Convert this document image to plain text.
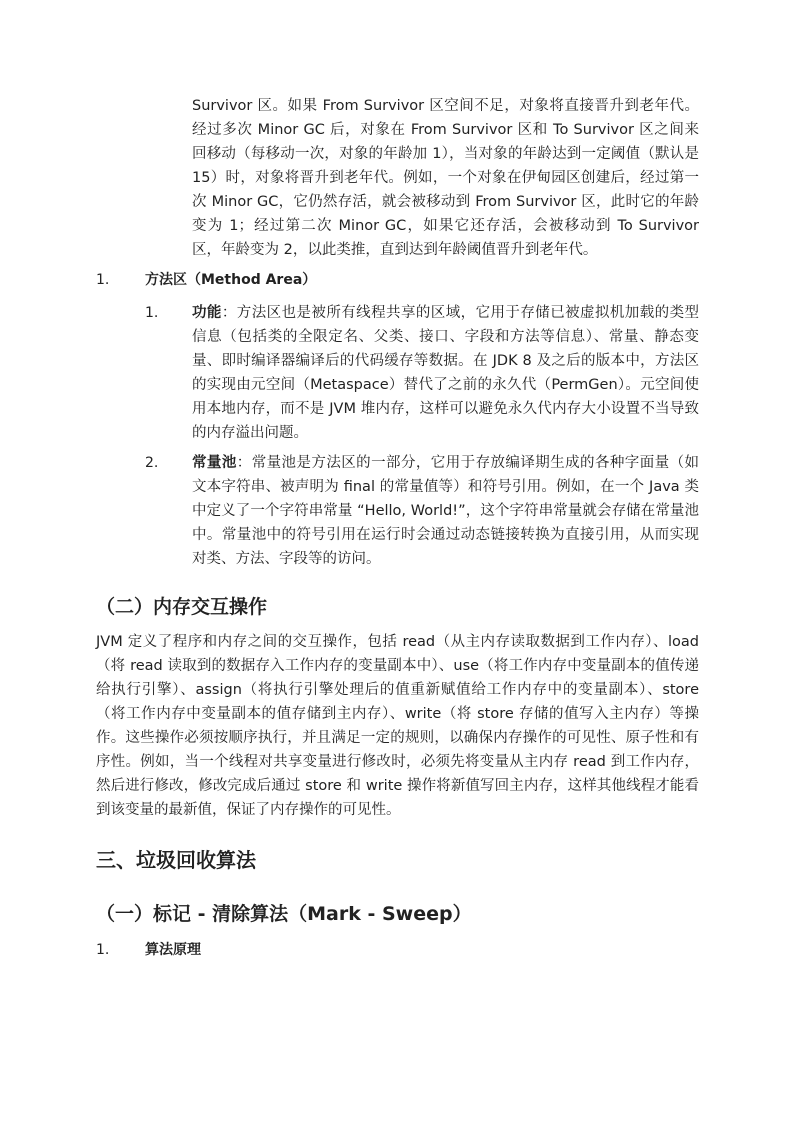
Survivor 区。如果 From Survivor 区空间不足，对象将直接晋升到老年代。经过多次 Minor GC 后，对象在 From Survivor 区和 To Survivor 区之间来回移动（每移动一次，对象的年龄加 1），当对象的年龄达到一定阈值（默认是 15）时，对象将晋升到老年代。例如，一个对象在伊甸园区创建后，经过第一次 Minor GC，它仍然存活，就会被移动到 From Survivor 区，此时它的年龄变为 1；经过第二次 Minor GC，如果它还存活，会被移动到 To Survivor 区，年龄变为 2，以此类推，直到达到年龄阈值晋升到老年代。
1.	方法区（Method Area）
1. 功能：方法区也是被所有线程共享的区域，它用于存储已被虚拟机加载的类型信息（包括类的全限定名、父类、接口、字段和方法等信息）、常量、静态变量、即时编译器编译后的代码缓存等数据。在 JDK 8 及之后的版本中，方法区的实现由元空间（Metaspace）替代了之前的永久代（PermGen）。元空间使用本地内存，而不是 JVM 堆内存，这样可以避免永久代内存大小设置不当导致的内存溢出问题。
2. 常量池：常量池是方法区的一部分，它用于存放编译期生成的各种字面量（如文本字符串、被声明为 final 的常量值等）和符号引用。例如，在一个 Java 类中定义了一个字符串常量 “Hello, World!”，这个字符串常量就会存储在常量池中。常量池中的符号引用在运行时会通过动态链接转换为直接引用，从而实现对类、方法、字段等的访问。
（二）内存交互操作
JVM 定义了程序和内存之间的交互操作，包括 read（从主内存读取数据到工作内存）、load（将 read 读取到的数据存入工作内存的变量副本中）、use（将工作内存中变量副本的值传递给执行引擎）、assign（将执行引擎处理后的值重新赋值给工作内存中的变量副本）、store（将工作内存中变量副本的值存储到主内存）、write（将 store 存储的值写入主内存）等操作。这些操作必须按顺序执行，并且满足一定的规则，以确保内存操作的可见性、原子性和有序性。例如，当一个线程对共享变量进行修改时，必须先将变量从主内存 read 到工作内存，然后进行修改，修改完成后通过 store 和 write 操作将新值写回主内存，这样其他线程才能看到该变量的最新值，保证了内存操作的可见性。
三、垃圾回收算法
（一）标记 - 清除算法（Mark - Sweep）
1.	算法原理
